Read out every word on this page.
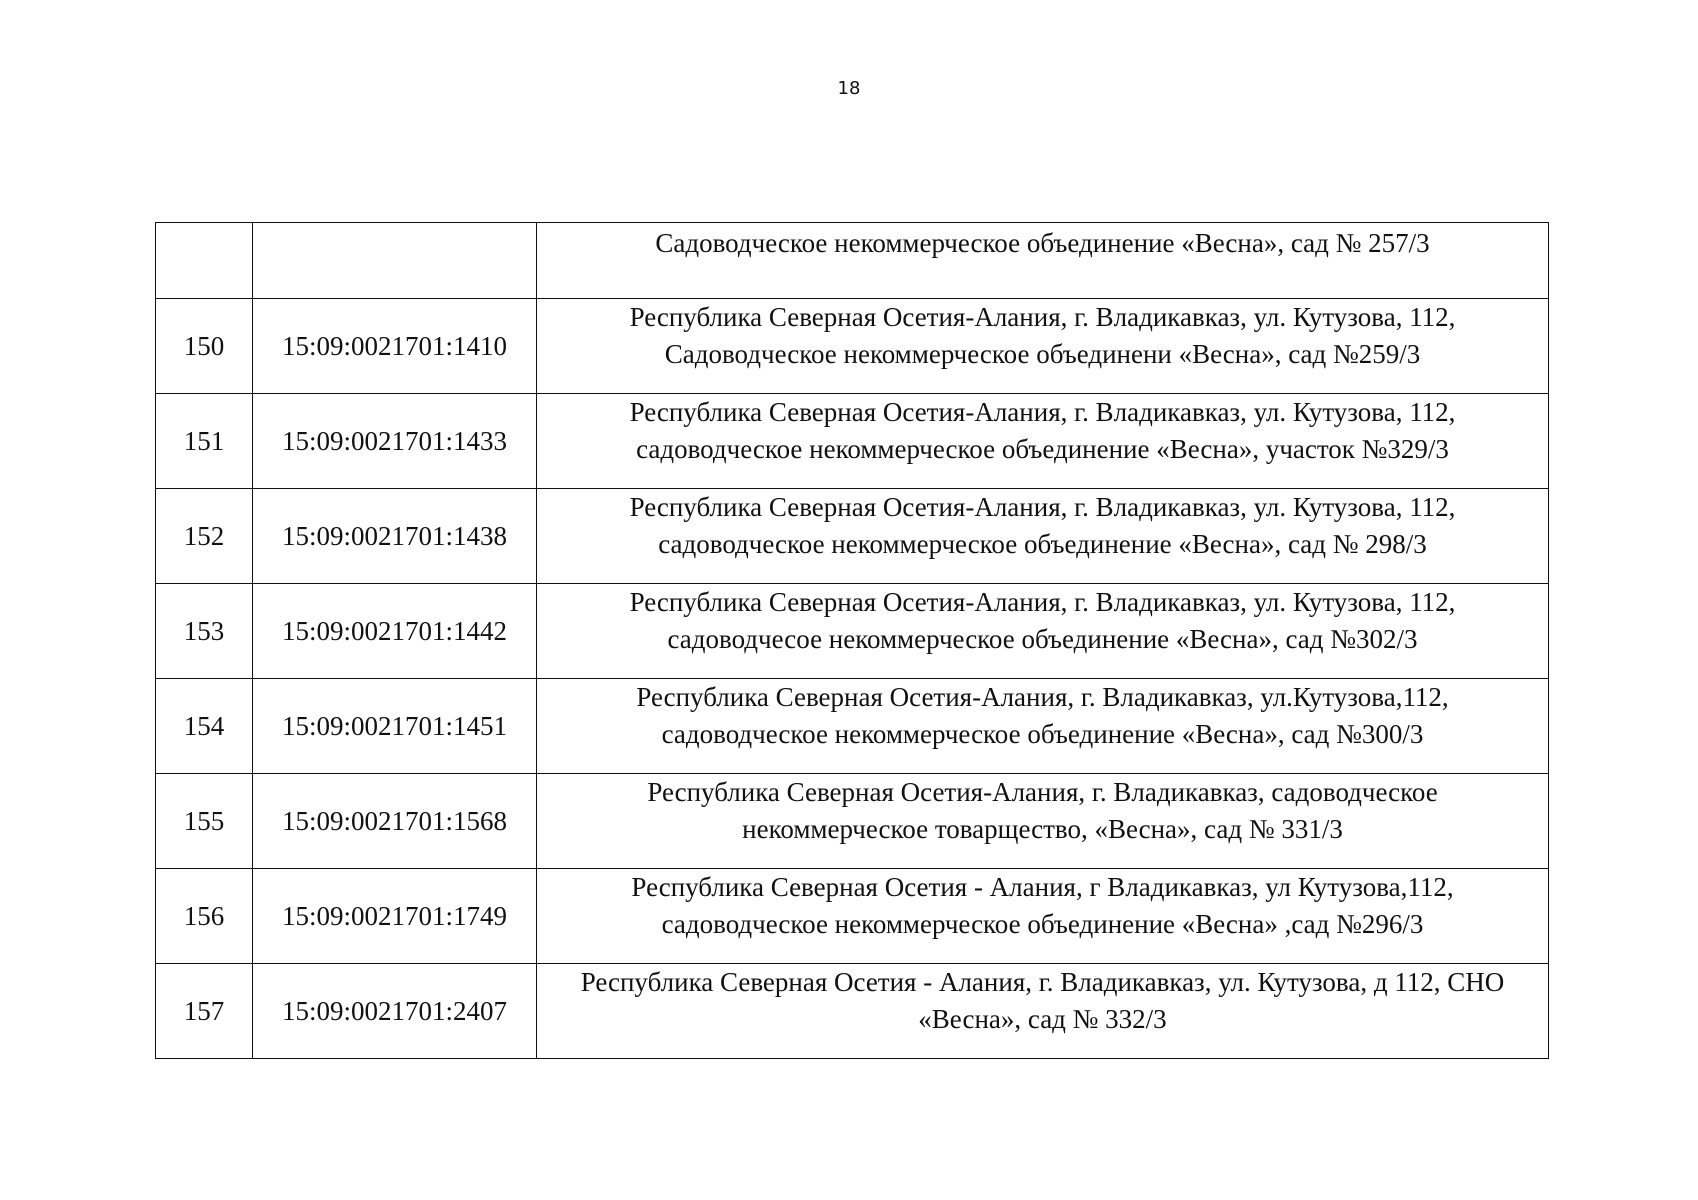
18

		Садоводческое некоммерческое объединение «Весна», сад № 257/3

150	15:09:0021701:1410	Республика Северная Осетия-Алания, г. Владикавказ, ул. Кутузова, 112,
Садоводческое некоммерческое объединени «Весна», сад №259/3

151	15:09:0021701:1433	Республика Северная Осетия-Алания, г. Владикавказ, ул. Кутузова, 112,
садоводческое некоммерческое объединение «Весна», участок №329/3

152	15:09:0021701:1438	Республика Северная Осетия-Алания, г. Владикавказ, ул. Кутузова, 112,
садоводческое некоммерческое объединение «Весна», сад № 298/3

153	15:09:0021701:1442	Республика Северная Осетия-Алания, г. Владикавказ, ул. Кутузова, 112,
садоводчесое некоммерческое объединение «Весна», сад №302/3

154	15:09:0021701:1451	Республика Северная Осетия-Алания, г. Владикавказ, ул.Кутузова,112,
садоводческое некоммерческое объединение «Весна», сад №300/3

155	15:09:0021701:1568	Республика Северная Осетия-Алания, г. Владикавказ, садоводческое
некоммерческое товарщество, «Весна», сад № 331/3

156	15:09:0021701:1749	Республика Северная Осетия - Алания, г Владикавказ, ул Кутузова,112,
садоводческое некоммерческое объединение «Весна» ,сад №296/3

157	15:09:0021701:2407	Республика Северная Осетия - Алания, г. Владикавказ, ул. Кутузова, д 112, СНО
«Весна», сад № 332/3
